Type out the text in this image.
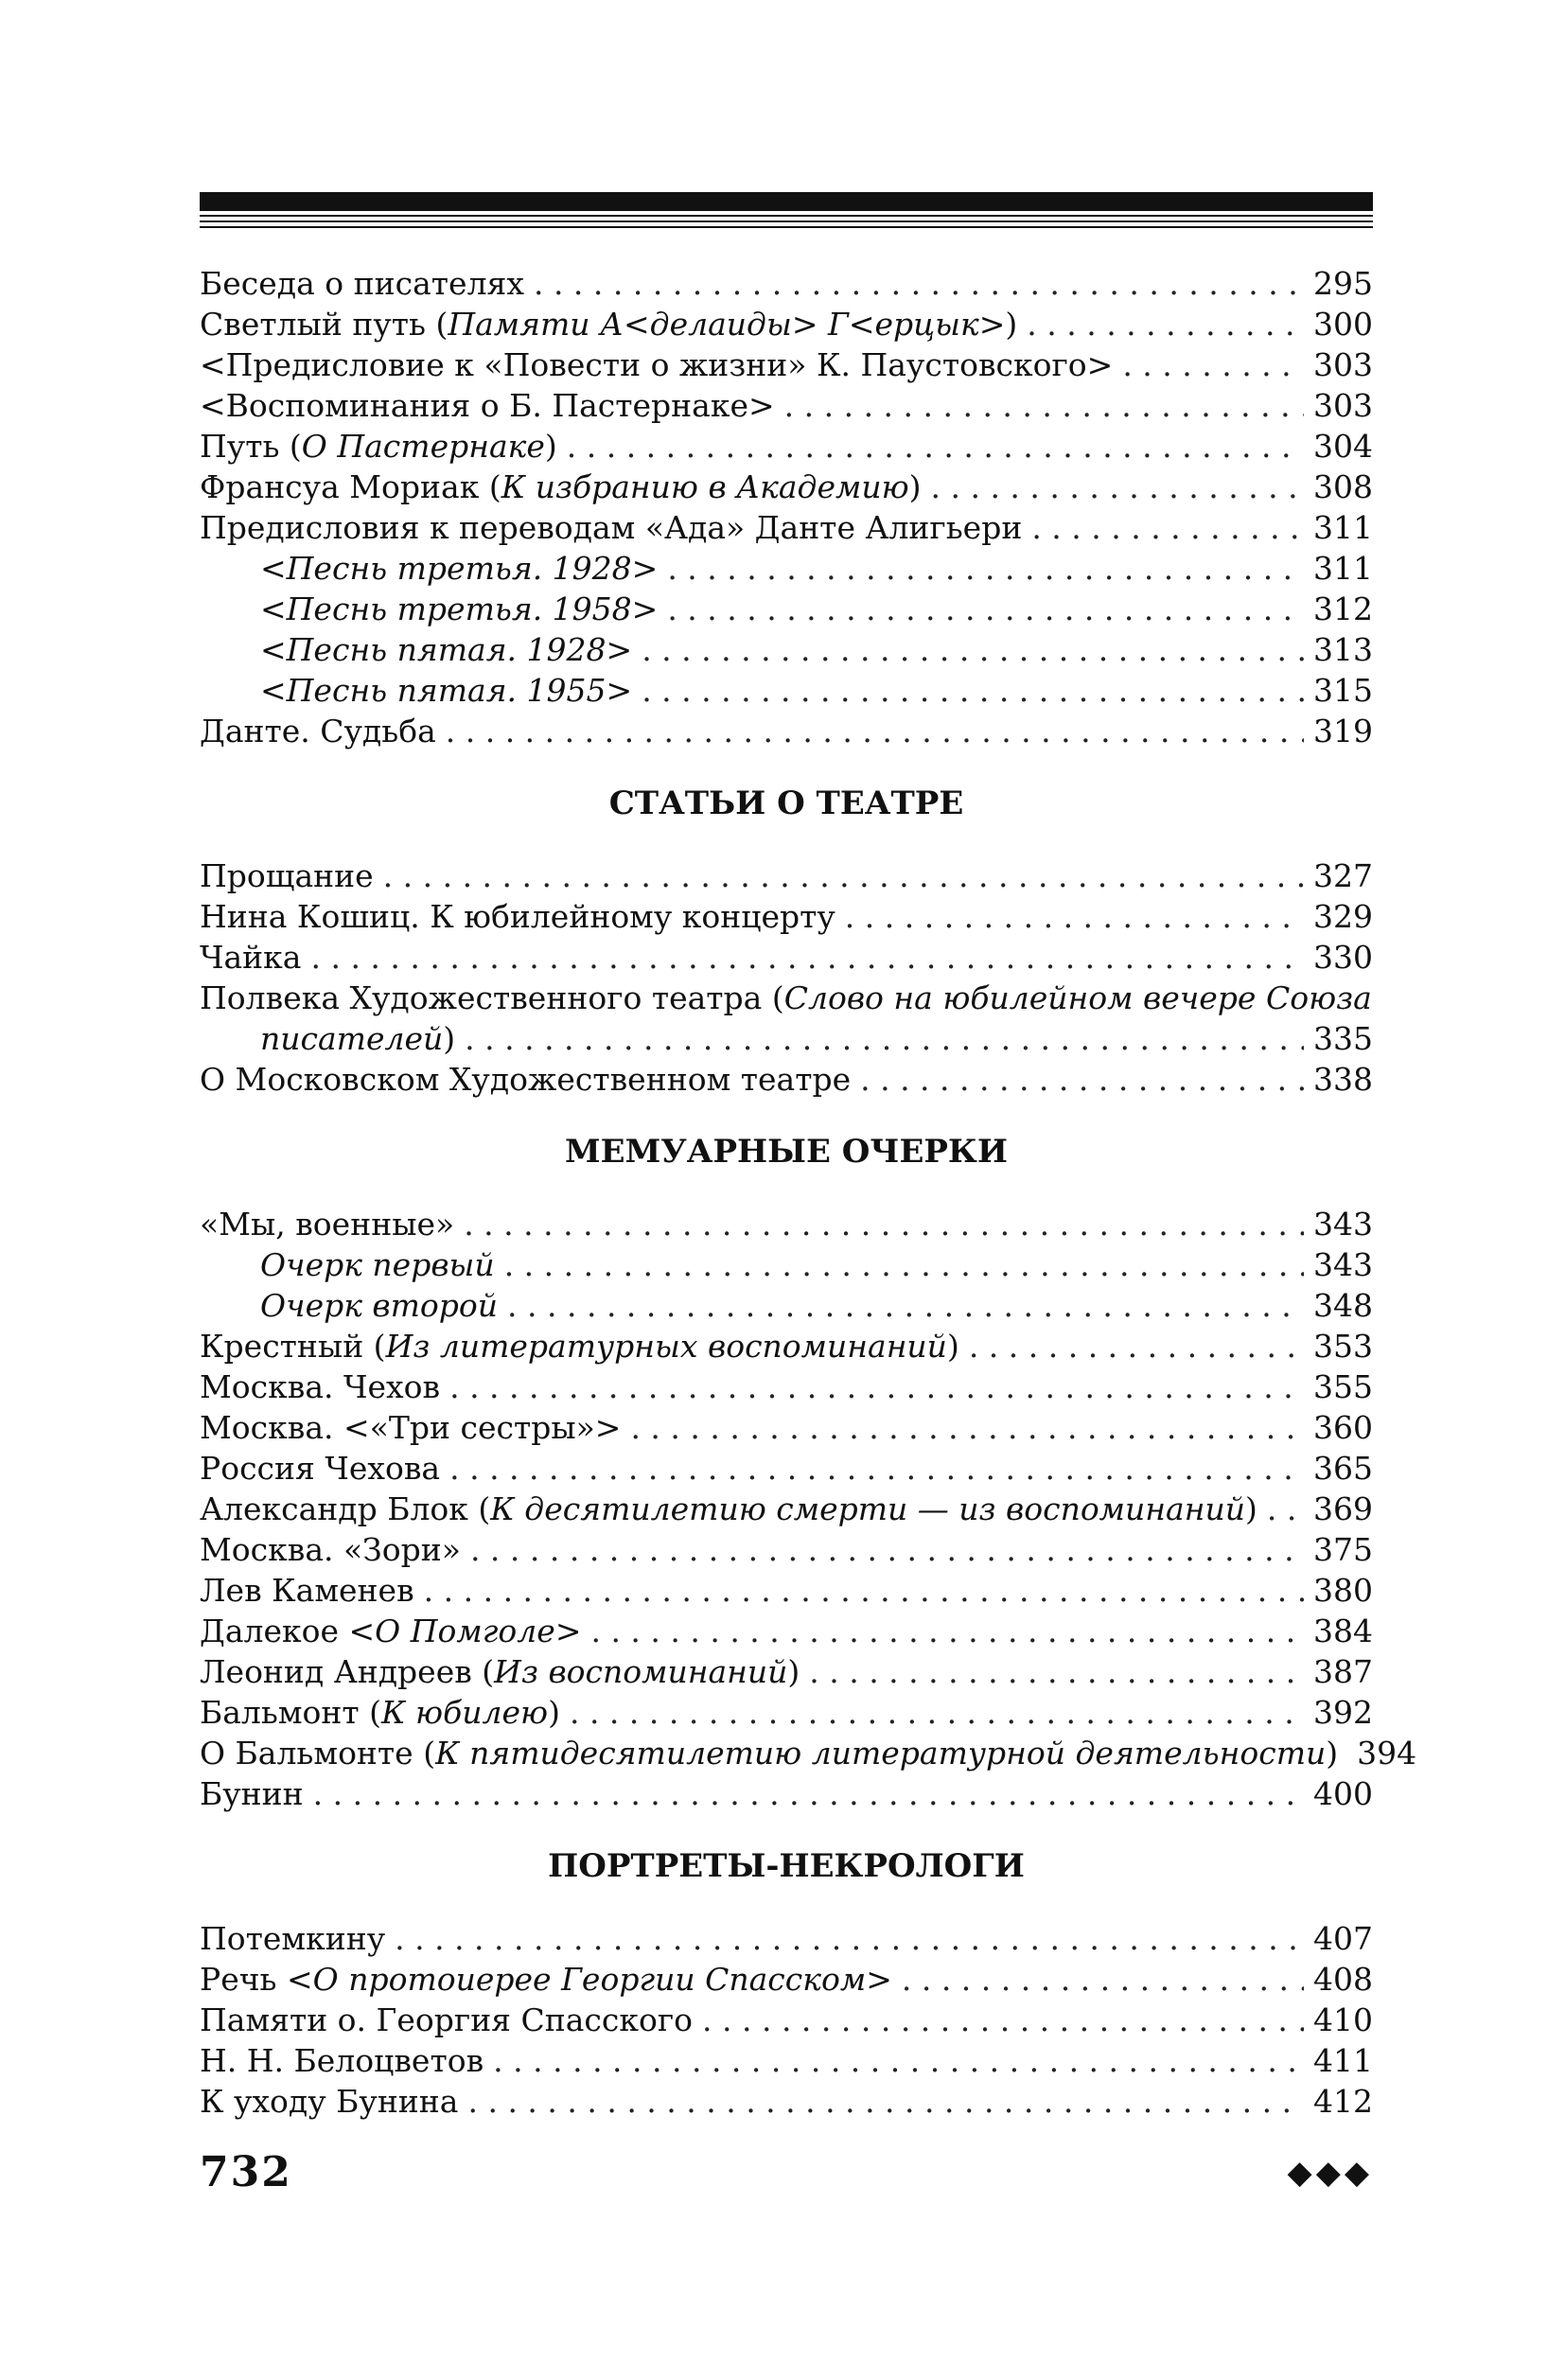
Беседа о писателях . . .	295
Светлый путь (Памяти А<делаиды> Г<ерцык>) . . .	300
<Предисловие к «Повести о жизни» К. Паустовского> . . .	303
<Воспоминания о Б. Пастернаке> . . .	303
Путь (О Пастернаке) . . .	304
Франсуа Мориак (К избранию в Академию) . . .	308
Предисловия к переводам «Ада» Данте Алигьери . . .	311
<Песнь третья. 1928> . . .	311
<Песнь третья. 1958> . . .	312
<Песнь пятая. 1928> . . .	313
<Песнь пятая. 1955> . . .	315
Данте. Судьба . . .	319
СТАТЬИ О ТЕАТРЕ
Прощание . . .	327
Нина Кошиц. К юбилейному концерту . . .	329
Чайка . . .	330
Полвека Художественного театра (Слово на юбилейном вечере Союза
писателей) . . .	335
О Московском Художественном театре . . .	338
МЕМУАРНЫЕ ОЧЕРКИ
«Мы, военные» . . .	343
Очерк первый . . .	343
Очерк второй . . .	348
Крестный (Из литературных воспоминаний) . . .	353
Москва. Чехов . . .	355
Москва. <«Три сестры»> . . .	360
Россия Чехова . . .	365
Александр Блок (К десятилетию смерти — из воспоминаний) . . . 369
Москва. «Зори» . . .	375
Лев Каменев . . .	380
Далекое <О Помголе> . . .	384
Леонид Андреев (Из воспоминаний) . . .	387
Бальмонт (К юбилею) . . .	392
О Бальмонте (К пятидесятилетию литературной деятельности) 394
Бунин . . .	400
ПОРТРЕТЫ-НЕКРОЛОГИ
Потемкину . . .	407
Речь <О протоиерее Георгии Спасском> . . .	408
Памяти о. Георгия Спасского . . .	410
Н. Н. Белоцветов . . .	411
К уходу Бунина . . .	412
732	◆◆◆
